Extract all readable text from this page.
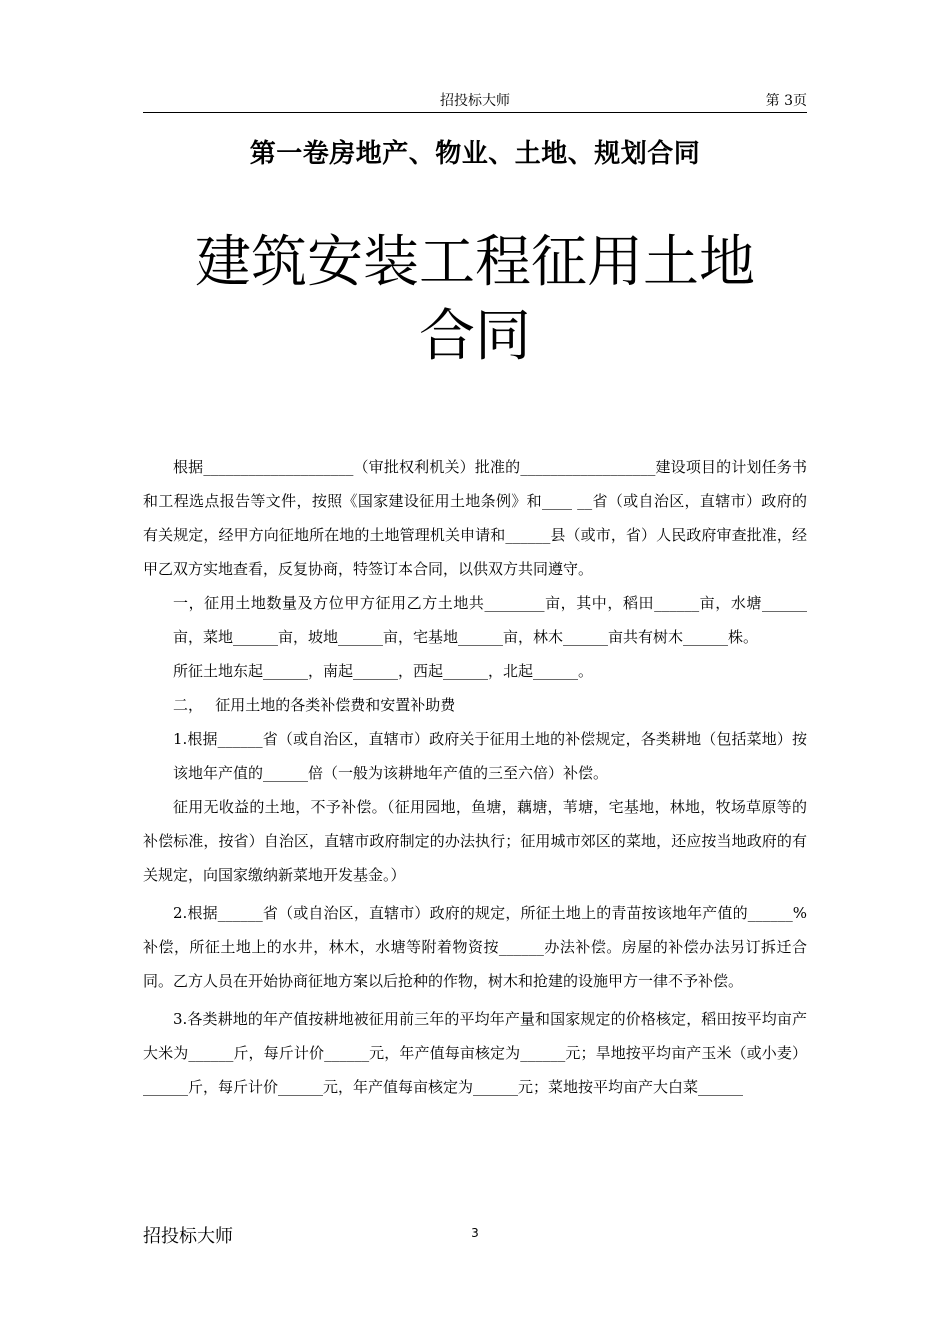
招投标大师	第 3页
第一卷房地产、物业、土地、规划合同
建筑安装工程征用土地
合同

根据____________________（审批权利机关）批准的__________________建设项目的计划任务书和工程选点报告等文件，按照《国家建设征用土地条例》和____ __省（或自治区，直辖市）政府的有关规定，经甲方向征地所在地的土地管理机关申请和______县（或市，省）人民政府审查批准，经甲乙双方实地查看，反复协商，特签订本合同，以供双方共同遵守。

一，征用土地数量及方位甲方征用乙方土地共________亩，其中，稻田______亩，水塘______亩，菜地______亩，坡地______亩，宅基地______亩，林木______亩共有树木______株。

所征土地东起______，南起______，西起______，北起______。

二，　 征用土地的各类补偿费和安置补助费

1.根据______省（或自治区，直辖市）政府关于征用土地的补偿规定，各类耕地（包括菜地）按该地年产值的______倍（一般为该耕地年产值的三至六倍）补偿。

征用无收益的土地，不予补偿。（征用园地，鱼塘，藕塘，苇塘，宅基地，林地，牧场草原等的补偿标准，按省）自治区，直辖市政府制定的办法执行；征用城市郊区的菜地，还应按当地政府的有关规定，向国家缴纳新菜地开发基金。）

2.根据______省（或自治区，直辖市）政府的规定，所征土地上的青苗按该地年产值的______%补偿，所征土地上的水井，林木，水塘等附着物资按______办法补偿。房屋的补偿办法另订拆迁合同。乙方人员在开始协商征地方案以后抢种的作物，树木和抢建的设施甲方一律不予补偿。

3.各类耕地的年产值按耕地被征用前三年的平均年产量和国家规定的价格核定，稻田按平均亩产大米为______斤，每斤计价______元，年产值每亩核定为______元；旱地按平均亩产玉米（或小麦）______斤，每斤计价______元，年产值每亩核定为______元；菜地按平均亩产大白菜______

招投标大师	3
